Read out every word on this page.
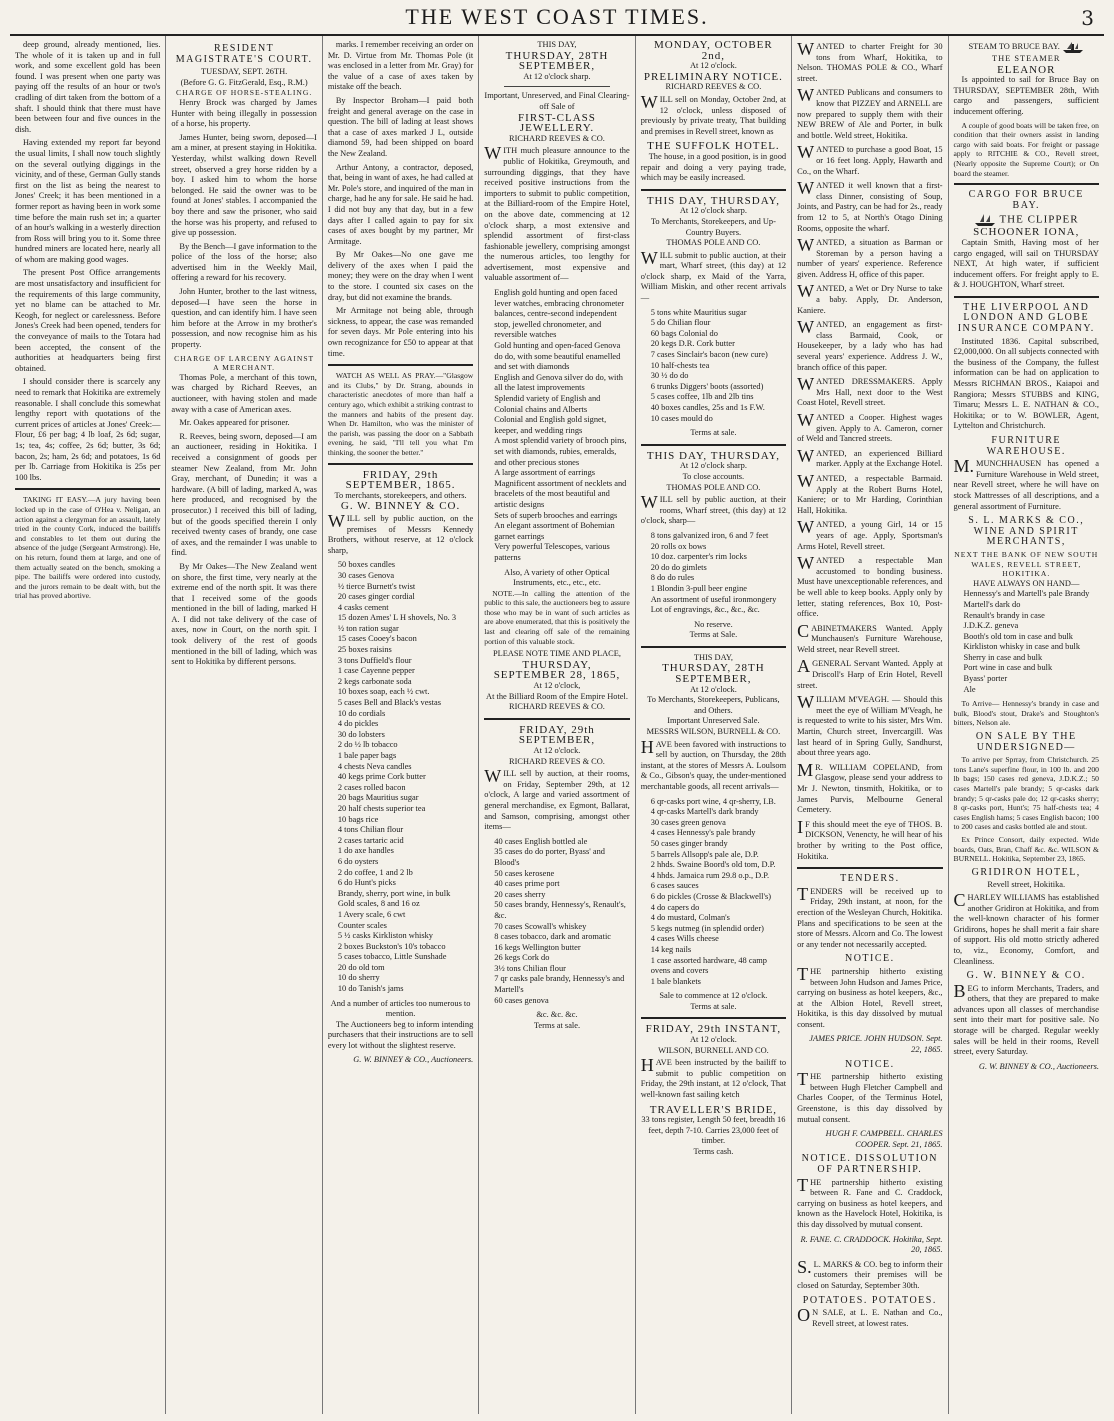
THE WEST COAST TIMES.	3

deep ground, already mentioned, lies. The whole of it is taken up and in full work, and some excellent gold has been found. I was present when one party was paying off the results of an hour or two's cradling of dirt taken from the bottom of a shaft. I should think that there must have been between four and five ounces in the dish.

Having extended my report far beyond the usual limits, I shall now touch slightly on the several outlying diggings in the vicinity, and of these, German Gully stands first on the list as being the nearest to Jones' Creek; it has been mentioned in a former report as having been in work some time before the main rush set in; a quarter of an hour's walking in a westerly direction from Ross will bring you to it. Some three hundred miners are located here, nearly all of whom are making good wages.

The present Post Office arrangements are most unsatisfactory and insufficient for the requirements of this large community, yet no blame can be attached to Mr. Keogh, for neglect or carelessness. Before Jones's Creek had been opened, tenders for the conveyance of mails to the Totara had been accepted, the consent of the authorities at headquarters being first obtained.

I should consider there is scarcely any need to remark that Hokitika are extremely reasonable. I shall conclude this somewhat lengthy report with quotations of the current prices of articles at Jones' Creek:— Flour, £6 per bag; 4 lb loaf, 2s 6d; sugar, 1s; tea, 4s; coffee, 2s 6d; butter, 3s 6d; bacon, 2s; ham, 2s 6d; and potatoes, 1s 6d per lb. Carriage from Hokitika is 25s per 100 lbs.

TAKING IT EASY.—A jury having been locked up in the case of O'Hea v. Neligan, an action against a clergyman for an assault, lately tried in the county Cork, induced the bailiffs and constables to let them out during the absence of the judge (Sergeant Armstrong). He, on his return, found them at large, and one of them actually seated on the bench, smoking a pipe. The bailiffs were ordered into custody, and the jurors remain to be dealt with, but the trial has proved abortive.

RESIDENT MAGISTRATE'S COURT.
TUESDAY, SEPT. 26TH.
(Before G. G. FitzGerald, Esq., R.M.)
CHARGE OF HORSE-STEALING.

Henry Brock was charged by James Hunter with being illegally in possession of a horse, his property.

James Hunter, being sworn, deposed—I am a miner, at present staying in Hokitika. Yesterday, whilst walking down Revell street, observed a grey horse ridden by a boy. I asked him to whom the horse belonged. He said the owner was to be found at Jones' stables. I accompanied the boy there and saw the prisoner, who said the horse was his property, and refused to give up possession.

By the Bench—I gave information to the police of the loss of the horse; also advertised him in the Weekly Mail, offering a reward for his recovery.

John Hunter, brother to the last witness, deposed—I have seen the horse in question, and can identify him. I have seen him before at the Arrow in my brother's possession, and now recognise him as his property.

CHARGE OF LARCENY AGAINST A MERCHANT.

Thomas Pole, a merchant of this town, was charged by Richard Reeves, an auctioneer, with having stolen and made away with a case of American axes.

Mr. Oakes appeared for prisoner.

R. Reeves, being sworn, deposed—I am an auctioneer, residing in Hokitika. I received a consignment of goods per steamer New Zealand, from Mr. John Gray, merchant, of Dunedin; it was a hardware. (A bill of lading, marked A, was here produced, and recognised by the prosecutor.) I received this bill of lading, but of the goods specified therein I only received twenty cases of brandy, one case of axes, and the remainder I was unable to find.

By Mr Oakes—The New Zealand went on shore, the first time, very nearly at the extreme end of the north spit. It was there that I received some of the goods mentioned in the bill of lading, marked H A. I did not take delivery of the case of axes, now in Court, on the north spit. I took delivery of the rest of goods mentioned in the bill of lading, which was sent to Hokitika by different persons.

marks. I remember receiving an order on Mr. D. Virtue from Mr. Thomas Pole (it was enclosed in a letter from Mr. Gray) for the value of a case of axes taken by mistake off the beach.

By Inspector Broham—I paid both freight and general average on the case in question. The bill of lading at least shows that a case of axes marked J L, outside diamond 59, had been shipped on board the New Zealand.

Arthur Antony, a contractor, deposed, that, being in want of axes, he had called at Mr. Pole's store, and inquired of the man in charge, had he any for sale. He said he had. I did not buy any that day, but in a few days after I called again to pay for six cases of axes bought by my partner, Mr Armitage.

By Mr Oakes—No one gave me delivery of the axes when I paid the money; they were on the dray when I went to the store. I counted six cases on the dray, but did not examine the brands.

Mr Armitage not being able, through sickness, to appear, the case was remanded for seven days. Mr Pole entering into his own recognizance for £50 to appear at that time.

WATCH AS WELL AS PRAY.—"Glasgow and its Clubs," by Dr. Strang, abounds in characteristic anecdotes of more than half a century ago, which exhibit a striking contrast to the manners and habits of the present day. When Dr. Hamilton, who was the minister of the parish, was passing the door on a Sabbath evening, he said, "I'll tell you what I'm thinking, the sooner the better."

FRIDAY, 29th SEPTEMBER, 1865.
To merchants, storekeepers, and others.
G. W. BINNEY & CO.
WILL sell by public auction, on the premises of Messrs Kennedy Brothers, without reserve, at 12 o'clock sharp,
50 boxes candles
30 cases Genova
½ tierce Burnett's twist
20 cases ginger cordial
4 casks cement
15 dozen Ames' L H shovels, No. 3
½ ton ration sugar
15 cases Cooey's bacon
25 boxes raisins
3 tons Duffield's flour
1 case Cayenne pepper
2 kegs carbonate soda
10 boxes soap, each ½ cwt.
5 cases Bell and Black's vestas
10 do cordials
4 do pickles
30 do lobsters
2 do ½ lb tobacco
1 bale paper bags
4 chests Neva candles
40 kegs prime Cork butter
2 cases rolled bacon
20 bags Mauritius sugar
20 half chests superior tea
10 bags rice
4 tons Chilian flour
2 cases tartaric acid
1 do axe handles
6 do oysters
2 do coffee, 1 and 2 lb
6 do Hunt's picks
Brandy, sherry, port wine, in bulk
Gold scales, 8 and 16 oz
1 Avery scale, 6 cwt
Counter scales
5 ½ casks Kirkliston whisky
2 boxes Buckston's 10's tobacco
5 cases tobacco, Little Sunshade
20 do old tom
10 do sherry
10 do Tanish's jams
And a number of articles too numerous to mention.

The Auctioneers beg to inform intending purchasers that their instructions are to sell every lot without the slightest reserve.

G. W. BINNEY & CO., Auctioneers.
THIS DAY,
THURSDAY, 28TH SEPTEMBER,
At 12 o'clock sharp.
Important, Unreserved, and Final Clearing-off Sale of
FIRST-CLASS JEWELLERY.
RICHARD REEVES & CO.
WITH much pleasure announce to the public of Hokitika, Greymouth, and surrounding diggings, that they have received positive instructions from the importers to submit to public competition, at the Billiard-room of the Empire Hotel, on the above date, commencing at 12 o'clock sharp, a most extensive and splendid assortment of first-class fashionable jewellery, comprising amongst the numerous articles, too lengthy for advertisement, most expensive and valuable assortment of—
English gold hunting and open faced lever watches, embracing chronometer balances, centre-second independent stop, jewelled chronometer, and reversible watches
Gold hunting and open-faced Genova do do, with some beautiful enamelled and set with diamonds
English and Genova silver do do, with all the latest improvements
Splendid variety of English and Colonial chains and Alberts
Colonial and English gold signet, keeper, and wedding rings
A most splendid variety of brooch pins, set with diamonds, rubies, emeralds, and other precious stones
A large assortment of earrings
Magnificent assortment of necklets and bracelets of the most beautiful and artistic designs
Sets of superb brooches and earrings
An elegant assortment of Bohemian garnet earrings
Very powerful Telescopes, various patterns
Also, A variety of other Optical Instruments, etc., etc., etc.

NOTE.—In calling the attention of the public to this sale, the auctioneers beg to assure those who may be in want of such articles as are above enumerated, that this is positively the last and clearing off sale of the remaining portion of this valuable stock.

PLEASE NOTE TIME AND PLACE,
THURSDAY, SEPTEMBER 28, 1865,
At 12 o'clock,
At the Billiard Room of the Empire Hotel.
RICHARD REEVES & CO.
FRIDAY, 29th SEPTEMBER,
At 12 o'clock.
RICHARD REEVES & CO.
WILL sell by auction, at their rooms, on Friday, September 29th, at 12 o'clock, A large and varied assortment of general merchandise, ex Egmont, Ballarat, and Samson, comprising, amongst other items—
40 cases English bottled ale
35 cases do do porter, Byass' and Blood's
50 cases kerosene
40 cases prime port
20 cases sherry
50 cases brandy, Hennessy's, Renault's, &c.
70 cases Scowall's whiskey
8 cases tobacco, dark and aromatic
16 kegs Wellington butter
26 kegs Cork do
3½ tons Chilian flour
7 qr casks pale brandy, Hennessy's and Martell's
60 cases genova
&c. &c. &c.
Terms at sale.
MONDAY, OCTOBER 2nd,
At 12 o'clock.
PRELIMINARY NOTICE.
RICHARD REEVES & CO.
WILL sell on Monday, October 2nd, at 12 o'clock, unless disposed of previously by private treaty, That building and premises in Revell street, known as
THE SUFFOLK HOTEL.

The house, in a good position, is in good repair and doing a very paying trade, which may be easily increased.

THIS DAY, THURSDAY,
At 12 o'clock sharp.
To Merchants, Storekeepers, and Up-Country Buyers.
THOMAS POLE AND CO.
WILL submit to public auction, at their mart, Wharf street, (this day) at 12 o'clock sharp, ex Maid of the Yarra, William Miskin, and other recent arrivals—
5 tons white Mauritius sugar
5 do Chilian flour
60 bags Colonial do
20 kegs D.R. Cork butter
7 cases Sinclair's bacon (new cure)
10 half-chests tea
30 ½ do do
6 trunks Diggers' boots (assorted)
5 cases coffee, 1lb and 2lb tins
40 boxes candles, 25s and 1s F.W.
10 cases mould do
Terms at sale.
THIS DAY, THURSDAY,
At 12 o'clock sharp.
To close accounts.
THOMAS POLE AND CO.
WILL sell by public auction, at their rooms, Wharf street, (this day) at 12 o'clock, sharp—
8 tons galvanized iron, 6 and 7 feet
20 rolls ox bows
10 doz. carpenter's rim locks
20 do do gimlets
8 do do rules
1 Blondin 3-pull beer engine
An assortment of useful ironmongery
Lot of engravings, &c., &c., &c.
No reserve.
Terms at Sale.
THIS DAY,
THURSDAY, 28TH SEPTEMBER,
At 12 o'clock.
To Merchants, Storekeepers, Publicans, and Others.
Important Unreserved Sale.
MESSRS WILSON, BURNELL & CO.
HAVE been favored with instructions to sell by auction, on Thursday, the 28th instant, at the stores of Messrs A. Loulsom & Co., Gibson's quay, the under-mentioned merchantable goods, all recent arrivals—
6 qr-casks port wine, 4 qr-sherry, I.B.
4 qr-casks Martell's dark brandy
30 cases green genova
4 cases Hennessy's pale brandy
50 cases ginger brandy
5 barrels Allsopp's pale ale, D.P.
2 hhds. Swaine Boord's old tom, D.P.
4 hhds. Jamaica rum 29.8 o.p., D.P.
6 cases sauces
6 do pickles (Crosse & Blackwell's)
4 do capers do
4 do mustard, Colman's
5 kegs nutmeg (in splendid order)
4 cases Wills cheese
14 keg nails
1 case assorted hardware, 48 camp ovens and covers
1 bale blankets
Sale to commence at 12 o'clock.
Terms at sale.
FRIDAY, 29th INSTANT,
At 12 o'clock.
WILSON, BURNELL AND CO.
HAVE been instructed by the bailiff to submit to public competition on Friday, the 29th instant, at 12 o'clock, That well-known fast sailing ketch
TRAVELLER'S BRIDE,
33 tons register, Length 50 feet, breadth 16 feet, depth 7-10. Carries 23,000 feet of timber.
Terms cash.
WANTED to charter Freight for 30 tons from Wharf, Hokitika, to Nelson. THOMAS POLE & CO., Wharf street.
WANTED Publicans and consumers to know that PIZZEY and ARNELL are now prepared to supply them with their NEW BREW of Ale and Porter, in bulk and bottle. Weld street, Hokitika.
WANTED to purchase a good Boat, 15 or 16 feet long. Apply, Hawarth and Co., on the Wharf.
WANTED it well known that a first-class Dinner, consisting of Soup, Joints, and Pastry, can be had for 2s., ready from 12 to 5, at North's Otago Dining Rooms, opposite the wharf.
WANTED, a situation as Barman or Storeman by a person having a number of years' experience. Reference given. Address H, office of this paper.
WANTED, a Wet or Dry Nurse to take a baby. Apply, Dr. Anderson, Kaniere.
WANTED, an engagement as first-class Barmaid, Cook, or Housekeeper, by a lady who has had several years' experience. Address J. W., branch office of this paper.
WANTED DRESSMAKERS. Apply Mrs Hall, next door to the West Coast Hotel, Revell street.
WANTED a Cooper. Highest wages given. Apply to A. Cameron, corner of Weld and Tancred streets.
WANTED, an experienced Billiard marker. Apply at the Exchange Hotel.
WANTED, a respectable Barmaid. Apply at the Robert Burns Hotel, Kaniere; or to Mr Harding, Corinthian Hall, Hokitika.
WANTED, a young Girl, 14 or 15 years of age. Apply, Sportsman's Arms Hotel, Revell street.
WANTED a respectable Man accustomed to bonding business. Must have unexceptionable references, and be well able to keep books. Apply only by letter, stating references, Box 10, Post-office.
CABINETMAKERS Wanted. Apply Munchausen's Furniture Warehouse, Weld street, near Revell street.
AGENERAL Servant Wanted. Apply at Driscoll's Harp of Erin Hotel, Revell street.
WILLIAM M'VEAGH. — Should this meet the eye of William M'Veagh, he is requested to write to his sister, Mrs Wm. Martin, Church street, Invercargill. Was last heard of in Spring Gully, Sandhurst, about three years ago.
MR. WILLIAM COPELAND, from Glasgow, please send your address to Mr J. Newton, tinsmith, Hokitika, or to James Purvis, Melbourne General Cemetery.
IF this should meet the eye of THOS. B. DICKSON, Venencty, he will hear of his brother by writing to the Post office, Hokitika.
TENDERS.
TENDERS will be received up to Friday, 29th instant, at noon, for the erection of the Wesleyan Church, Hokitika. Plans and specifications to be seen at the store of Messrs. Alcorn and Co. The lowest or any tender not necessarily accepted.
NOTICE.
THE partnership hitherto existing between John Hudson and James Price, carrying on business as hotel keepers, &c., at the Albion Hotel, Revell street, Hokitika, is this day dissolved by mutual consent.
JAMES PRICE. JOHN HUDSON. Sept. 22, 1865.
NOTICE.
THE partnership hitherto existing between Hugh Fletcher Campbell and Charles Cooper, of the Terminus Hotel, Greenstone, is this day dissolved by mutual consent.
HUGH F. CAMPBELL. CHARLES COOPER. Sept. 21, 1865.
NOTICE. DISSOLUTION OF PARTNERSHIP.
THE partnership hitherto existing between R. Fane and C. Craddock, carrying on business as hotel keepers, and known as the Havelock Hotel, Hokitika, is this day dissolved by mutual consent.
R. FANE. C. CRADDOCK. Hokitika, Sept. 20, 1865.
S.L. MARKS & CO. beg to inform their customers their premises will be closed on Saturday, September 30th.
POTATOES. POTATOES.
ON SALE, at L. E. Nathan and Co., Revell street, at lowest rates.
STEAM TO BRUCE BAY.
THE STEAMER
ELEANOR

Is appointed to sail for Bruce Bay on THURSDAY, SEPTEMBER 28th, With cargo and passengers, sufficient inducement offering.

A couple of good boats will be taken free, on condition that their owners assist in landing cargo with said boats. For freight or passage apply to RITCHIE & CO., Revell street, (Nearly opposite the Supreme Court); or On board the steamer.

CARGO FOR BRUCE BAY.
THE CLIPPER SCHOONER IONA,

Captain Smith, Having most of her cargo engaged, will sail on THURSDAY NEXT, At high water, if sufficient inducement offers. For freight apply to E. & J. HOUGHTON, Wharf street.

THE LIVERPOOL AND LONDON AND GLOBE INSURANCE COMPANY.

Instituted 1836. Capital subscribed, £2,000,000. On all subjects connected with the business of the Company, the fullest information can be had on application to Messrs RICHMAN BROS., Kaiapoi and Rangiora; Messrs STUBBS and KING, Timaru; Messrs L. E. NATHAN & CO., Hokitika; or to W. BOWLER, Agent, Lyttelton and Christchurch.

FURNITURE WAREHOUSE.
M.MUNCHHAUSEN has opened a Furniture Warehouse in Weld street, near Revell street, where he will have on stock Mattresses of all descriptions, and a general assortment of Furniture.
S. L. MARKS & CO., WINE AND SPIRIT MERCHANTS,
NEXT THE BANK OF NEW SOUTH WALES, REVELL STREET, HOKITIKA.
HAVE ALWAYS ON HAND—
Hennessy's and Martell's pale Brandy
Martell's dark do
Renault's brandy in case
J.D.K.Z. geneva
Booth's old tom in case and bulk
Kirkliston whisky in case and bulk
Sherry in case and bulk
Port wine in case and bulk
Byass' porter
Ale

To Arrive— Hennessy's brandy in case and bulk, Blood's stout, Drake's and Stoughton's bitters, Nelson ale.

ON SALE BY THE UNDERSIGNED—

To arrive per Sprray, from Christchurch. 25 tons Lane's superfine flour, in 100 lb. and 200 lb bags; 150 cases red geneva, J.D.K.Z.; 50 cases Martell's pale brandy; 5 qr-casks dark brandy; 5 qr-casks pale do; 12 qr-casks sherry; 8 qr-casks port, Hunt's; 75 half-chests tea; 4 cases English hams; 5 cases English bacon; 100 to 200 cases and casks bottled ale and stout.

Ex Prince Consort, daily expected. Wide boards, Oats, Bran, Chaff &c. &c. WILSON & BURNELL. Hokitika, September 23, 1865.

GRIDIRON HOTEL,
Revell street, Hokitika.
CHARLEY WILLIAMS has established another Gridiron at Hokitika, and from the well-known character of his former Gridirons, hopes he shall merit a fair share of support. His old motto strictly adhered to, viz., Economy, Comfort, and Cleanliness.
G. W. BINNEY & CO.
BEG to inform Merchants, Traders, and others, that they are prepared to make advances upon all classes of merchandise sent into their mart for positive sale. No storage will be charged. Regular weekly sales will be held in their rooms, Revell street, every Saturday.
G. W. BINNEY & CO., Auctioneers.
